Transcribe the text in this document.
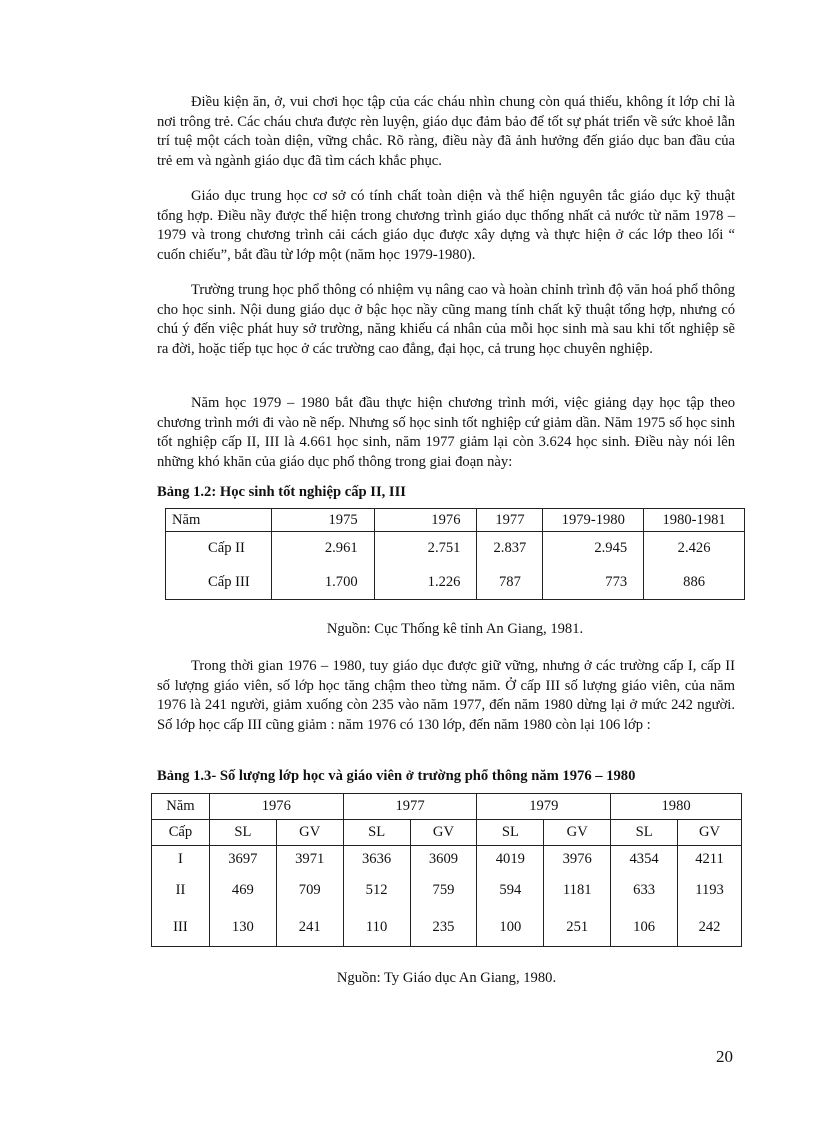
Điều kiện ăn, ở, vui chơi học tập của các cháu nhìn chung còn quá thiếu, không ít lớp chỉ là nơi trông trẻ. Các cháu chưa được rèn luyện, giáo dục đảm bảo để tốt sự phát triển về sức khoẻ lẫn trí tuệ một cách toàn diện, vững chắc. Rõ ràng, điều này đã ảnh hưởng đến giáo dục ban đầu của trẻ em và ngành giáo dục đã tìm cách khắc phục.

Giáo dục trung học cơ sở có tính chất toàn diện và thể hiện nguyên tắc giáo dục kỹ thuật tổng hợp. Điều nầy được thể hiện trong chương trình giáo dục thống nhất cả nước từ năm 1978 – 1979 và trong chương trình cải cách giáo dục được xây dựng và thực hiện ở các lớp theo lối “ cuốn chiếu”, bắt đầu từ lớp một (năm học 1979-1980).

Trường trung học phổ thông có nhiệm vụ nâng cao và hoàn chỉnh trình độ văn hoá phổ thông cho học sinh. Nội dung giáo dục ở bậc học nầy cũng mang tính chất kỹ thuật tổng hợp, nhưng có chú ý đến việc phát huy sở trường, năng khiếu cá nhân của mỗi học sinh mà sau khi tốt nghiệp sẽ ra đời, hoặc tiếp tục học ở các trường cao đẳng, đại học, cả trung học chuyên nghiệp.

Năm học 1979 – 1980 bắt đầu thực hiện chương trình mới, việc giảng dạy học tập theo chương trình mới đi vào nề nếp. Nhưng số học sinh tốt nghiệp cứ giảm dần. Năm 1975 số học sinh tốt nghiệp cấp II, III là 4.661 học sinh, năm 1977 giảm lại còn 3.624 học sinh. Điều này nói lên những khó khăn của giáo dục phổ thông trong giai đoạn này:

Bảng 1.2: Học sinh tốt nghiệp cấp II, III

Năm	1975	1976	1977	1979-1980	1980-1981
Cấp II	2.961	2.751	2.837	2.945	2.426
Cấp III	1.700	1.226	787	773	886

Nguồn: Cục Thống kê tỉnh An Giang, 1981.

Trong thời gian 1976 – 1980, tuy giáo dục được giữ vững, nhưng ở các trường cấp I, cấp II số lượng giáo viên, số lớp học tăng chậm theo từng năm. Ở cấp III số lượng giáo viên, của năm 1976 là 241 người, giảm xuống còn 235 vào năm 1977, đến năm 1980 dừng lại ở mức 242 người. Số lớp học cấp III cũng giảm : năm 1976 có 130 lớp, đến năm 1980 còn lại 106 lớp :

Bảng 1.3- Số lượng lớp học và giáo viên ở trường phổ thông năm 1976 – 1980

Năm	1976		1977		1979		1980	
Cấp	SL	GV	SL	GV	SL	GV	SL	GV
I	3697	3971	3636	3609	4019	3976	4354	4211
II	469	709	512	759	594	1181	633	1193
III	130	241	110	235	100	251	106	242

Nguồn: Ty Giáo dục An Giang, 1980.

20
